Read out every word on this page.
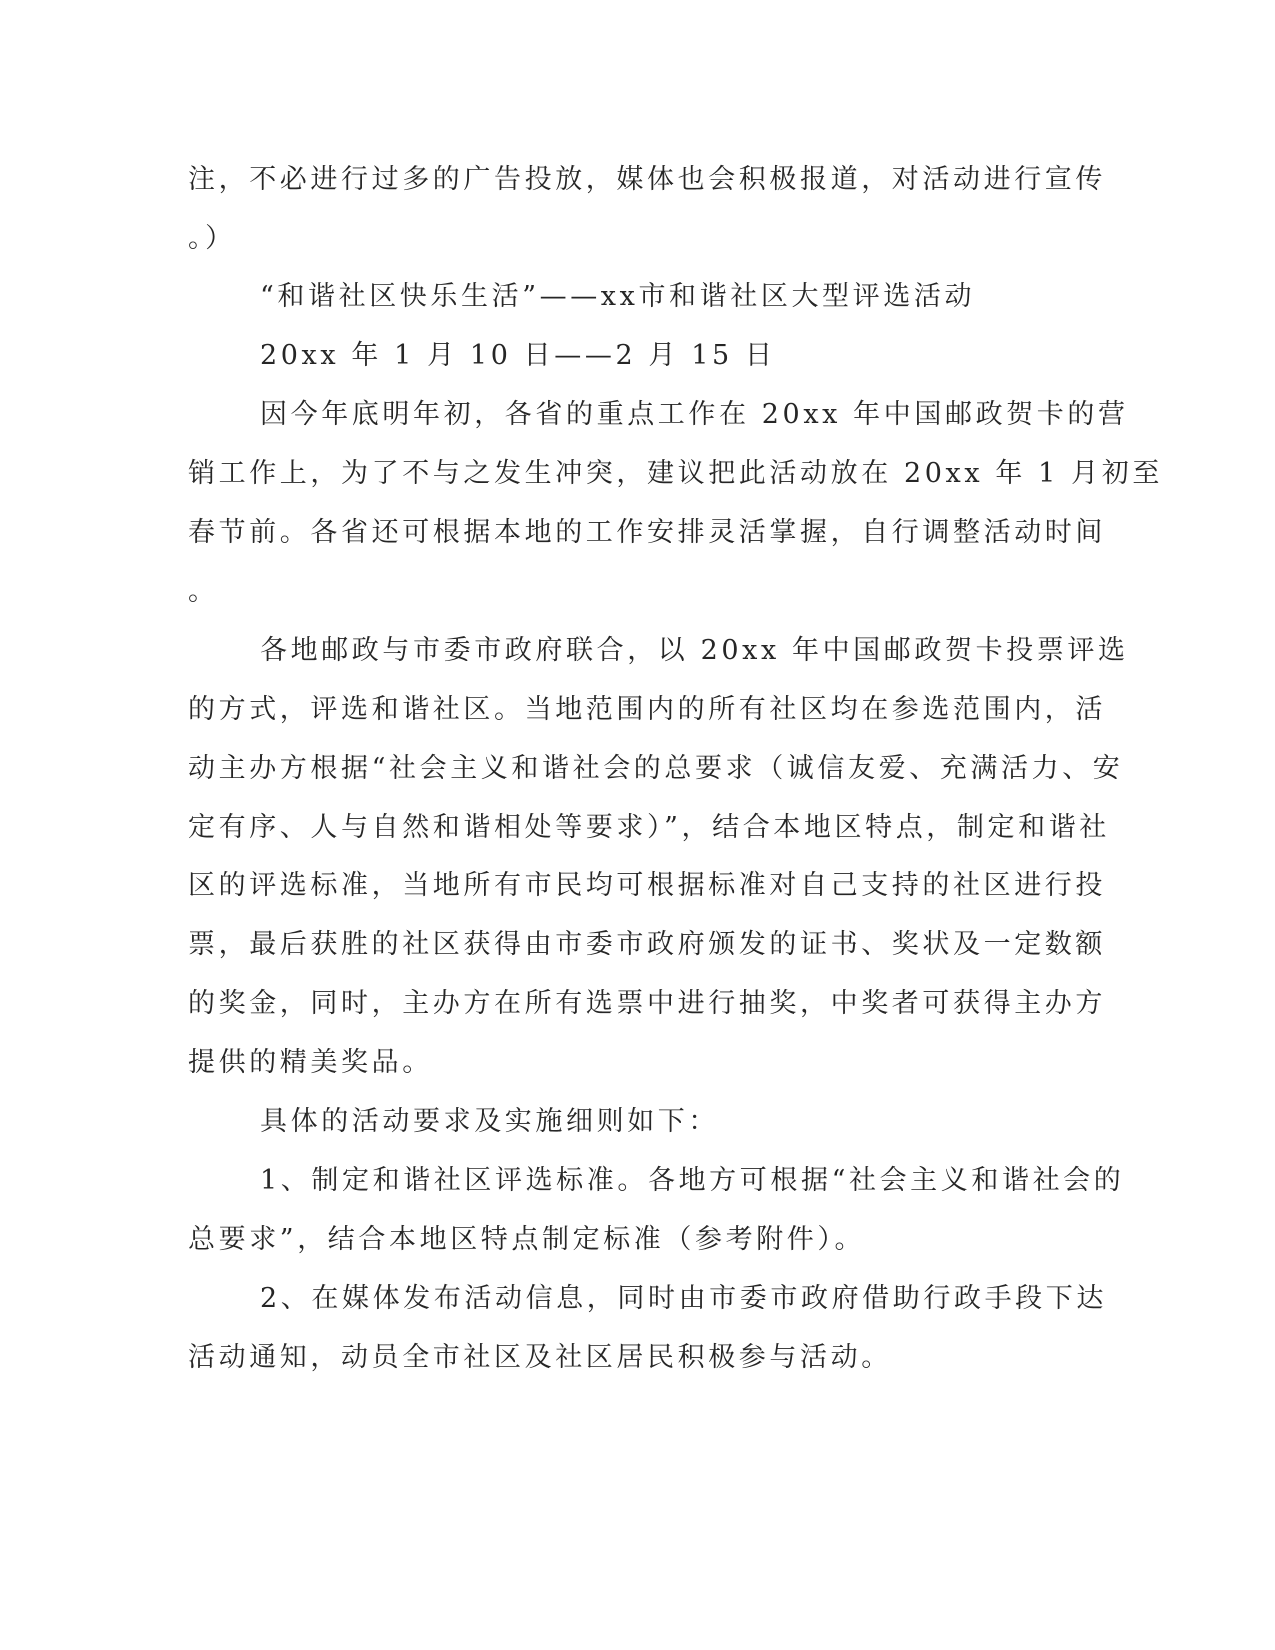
注，不必进行过多的广告投放，媒体也会积极报道，对活动进行宣传
。）
“和谐社区快乐生活”——xx市和谐社区大型评选活动
20xx 年 1 月 10 日——2 月 15 日
因今年底明年初，各省的重点工作在 20xx 年中国邮政贺卡的营
销工作上，为了不与之发生冲突，建议把此活动放在 20xx 年 1 月初至
春节前。各省还可根据本地的工作安排灵活掌握，自行调整活动时间
。
各地邮政与市委市政府联合，以 20xx 年中国邮政贺卡投票评选
的方式，评选和谐社区。当地范围内的所有社区均在参选范围内，活
动主办方根据“社会主义和谐社会的总要求（诚信友爱、充满活力、安
定有序、人与自然和谐相处等要求）”，结合本地区特点，制定和谐社
区的评选标准，当地所有市民均可根据标准对自己支持的社区进行投
票，最后获胜的社区获得由市委市政府颁发的证书、奖状及一定数额
的奖金，同时，主办方在所有选票中进行抽奖，中奖者可获得主办方
提供的精美奖品。
具体的活动要求及实施细则如下：
1、制定和谐社区评选标准。各地方可根据“社会主义和谐社会的
总要求”，结合本地区特点制定标准（参考附件）。
2、在媒体发布活动信息，同时由市委市政府借助行政手段下达
活动通知，动员全市社区及社区居民积极参与活动。
